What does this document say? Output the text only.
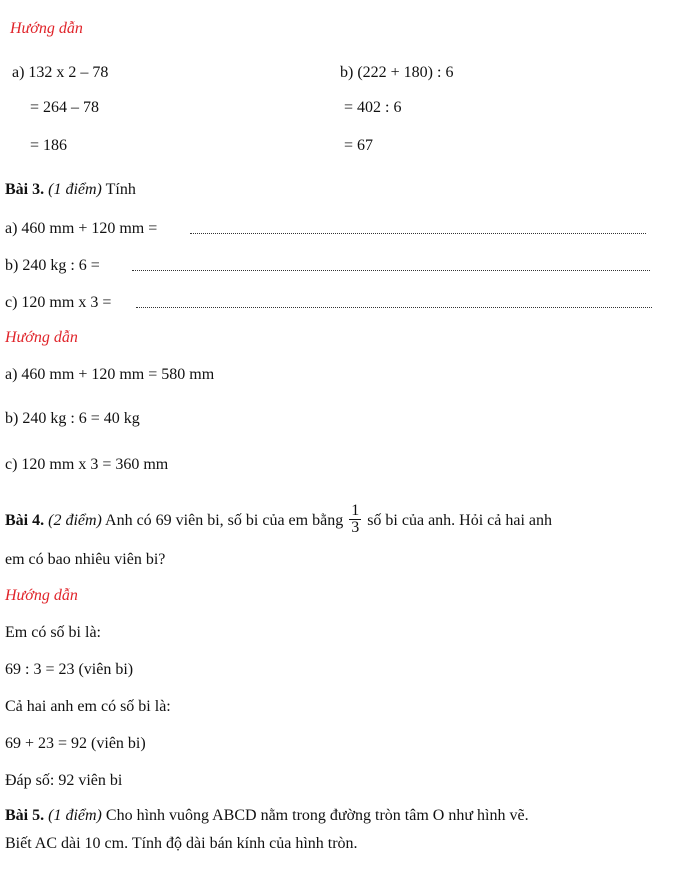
Hướng dẫn
a) 132 x 2 – 78
= 264 – 78
= 186
b) (222 + 180) : 6
= 402 : 6
= 67
Bài 3. (1 điểm) Tính
a) 460 mm + 120 mm =
b) 240 kg : 6 =
c) 120 mm x 3 =
Hướng dẫn
a) 460 mm + 120 mm = 580 mm
b) 240 kg : 6 = 40 kg
c) 120 mm x 3 = 360 mm
Bài 4. (2 điểm) Anh có 69 viên bi, số bi của em bằng $\frac{1}{3}$ số bi của anh. Hỏi cả hai anh
em có bao nhiêu viên bi?
Hướng dẫn
Em có số bi là:
69 : 3 = 23 (viên bi)
Cả hai anh em có số bi là:
69 + 23 = 92 (viên bi)
Đáp số: 92 viên bi
Bài 5. (1 điểm) Cho hình vuông ABCD nằm trong đường tròn tâm O như hình vẽ.
Biết AC dài 10 cm. Tính độ dài bán kính của hình tròn.
